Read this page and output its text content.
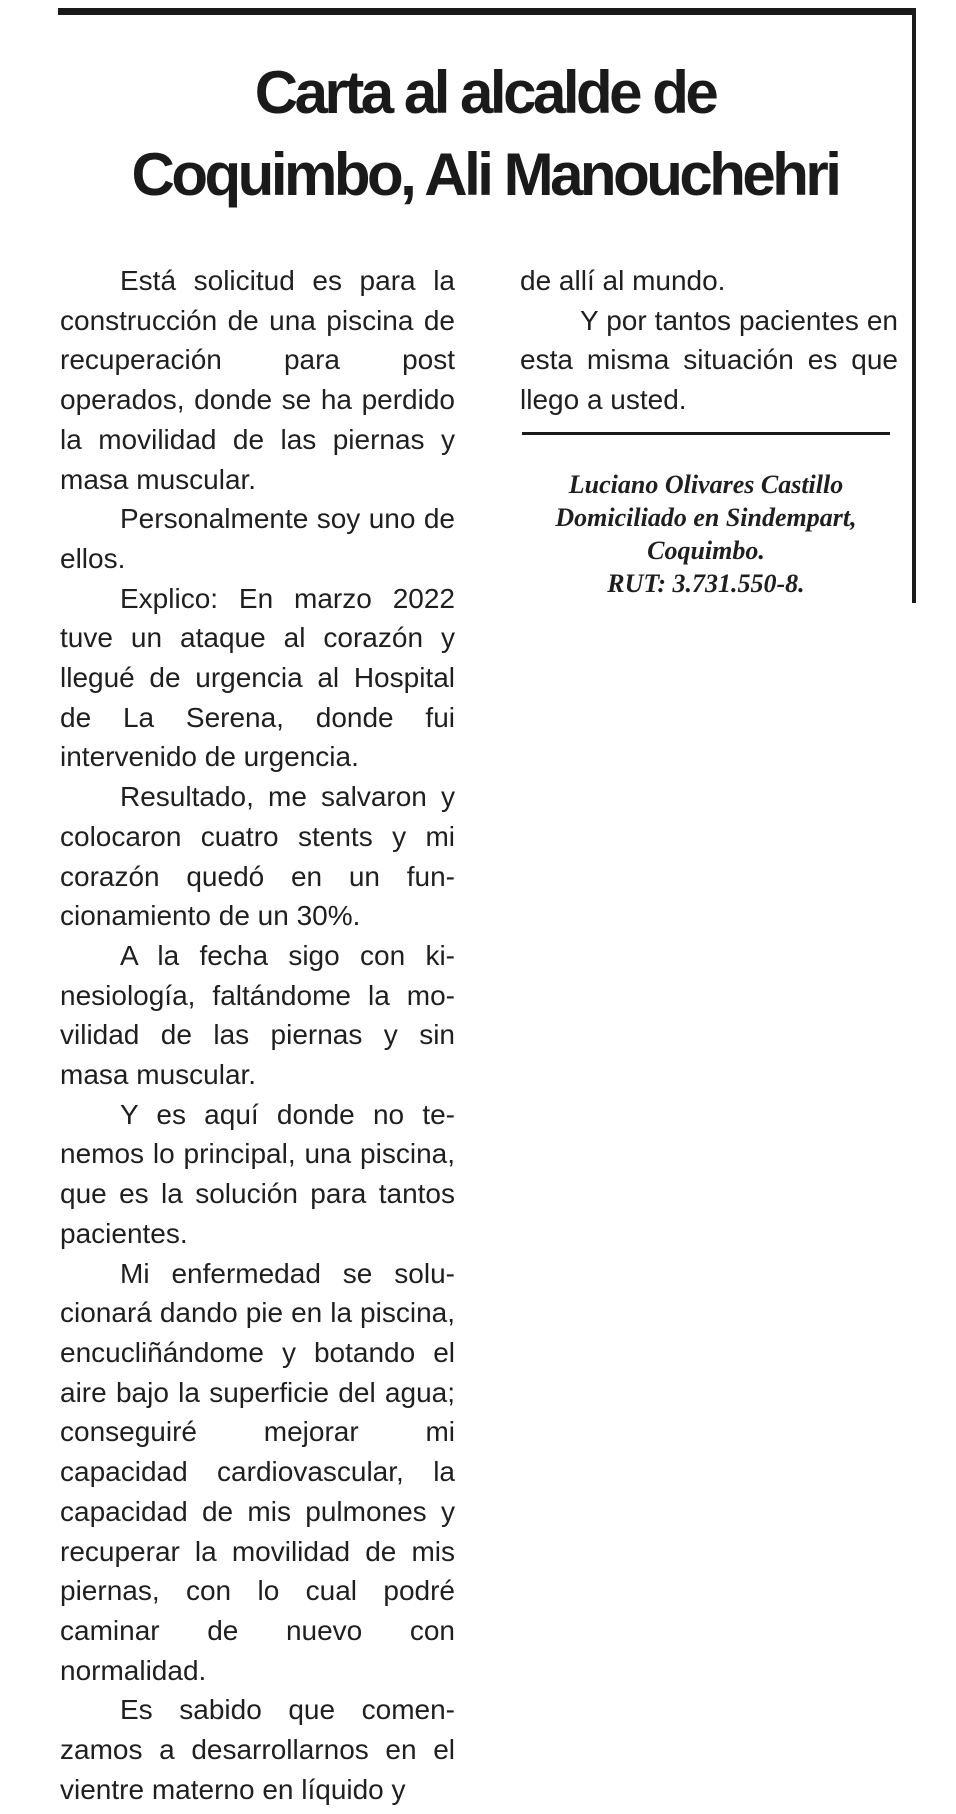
Carta al alcalde de
Coquimbo, Ali Manouchehri

Está solicitud es para la construcción de una piscina de recuperación para post operados, donde se ha perdido la movilidad de las piernas y masa muscular.

Personalmente soy uno de ellos.

Explico: En marzo 2022 tuve un ataque al corazón y llegué de urgencia al Hospital de La Serena, donde fui intervenido de urgencia.

Resultado, me salvaron y colocaron cuatro stents y mi corazón quedó en un funcionamiento de un 30%.

A la fecha sigo con kinesiología, faltándome la movilidad de las piernas y sin masa muscular.

Y es aquí donde no tenemos lo principal, una piscina, que es la solución para tantos pacientes.

Mi enfermedad se solucionará dando pie en la piscina, encucliñándome y botando el aire bajo la superficie del agua; conseguiré mejorar mi capacidad cardiovascular, la capacidad de mis pulmones y recuperar la movilidad de mis piernas, con lo cual podré caminar de nuevo con normalidad.

Es sabido que comenzamos a desarrollarnos en el vientre materno en líquido y

de allí al mundo.

Y por tantos pacientes en esta misma situación es que llego a usted.

Luciano Olivares Castillo
Domiciliado en Sindempart,
Coquimbo.
RUT: 3.731.550-8.
